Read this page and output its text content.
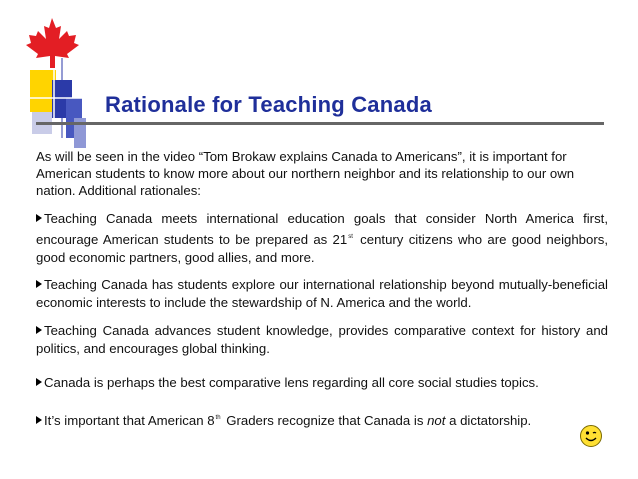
Rationale for Teaching Canada
As will be seen in the video “Tom Brokaw explains Canada to Americans”, it is important for American students to know more about our northern neighbor and its relationship to our own nation. Additional rationales:
Teaching Canada meets international education goals that consider North America first, encourage American students to be prepared as 21st century citizens who are good neighbors, good economic partners, good allies, and more.
Teaching Canada has students explore our international relationship beyond mutually-beneficial economic interests to include the stewardship of N. America and the world.
Teaching Canada advances student knowledge, provides comparative context for history and politics, and encourages global thinking.
Canada is perhaps the best comparative lens regarding all core social studies topics.
It’s important that American 8th Graders recognize that Canada is not a dictatorship.
